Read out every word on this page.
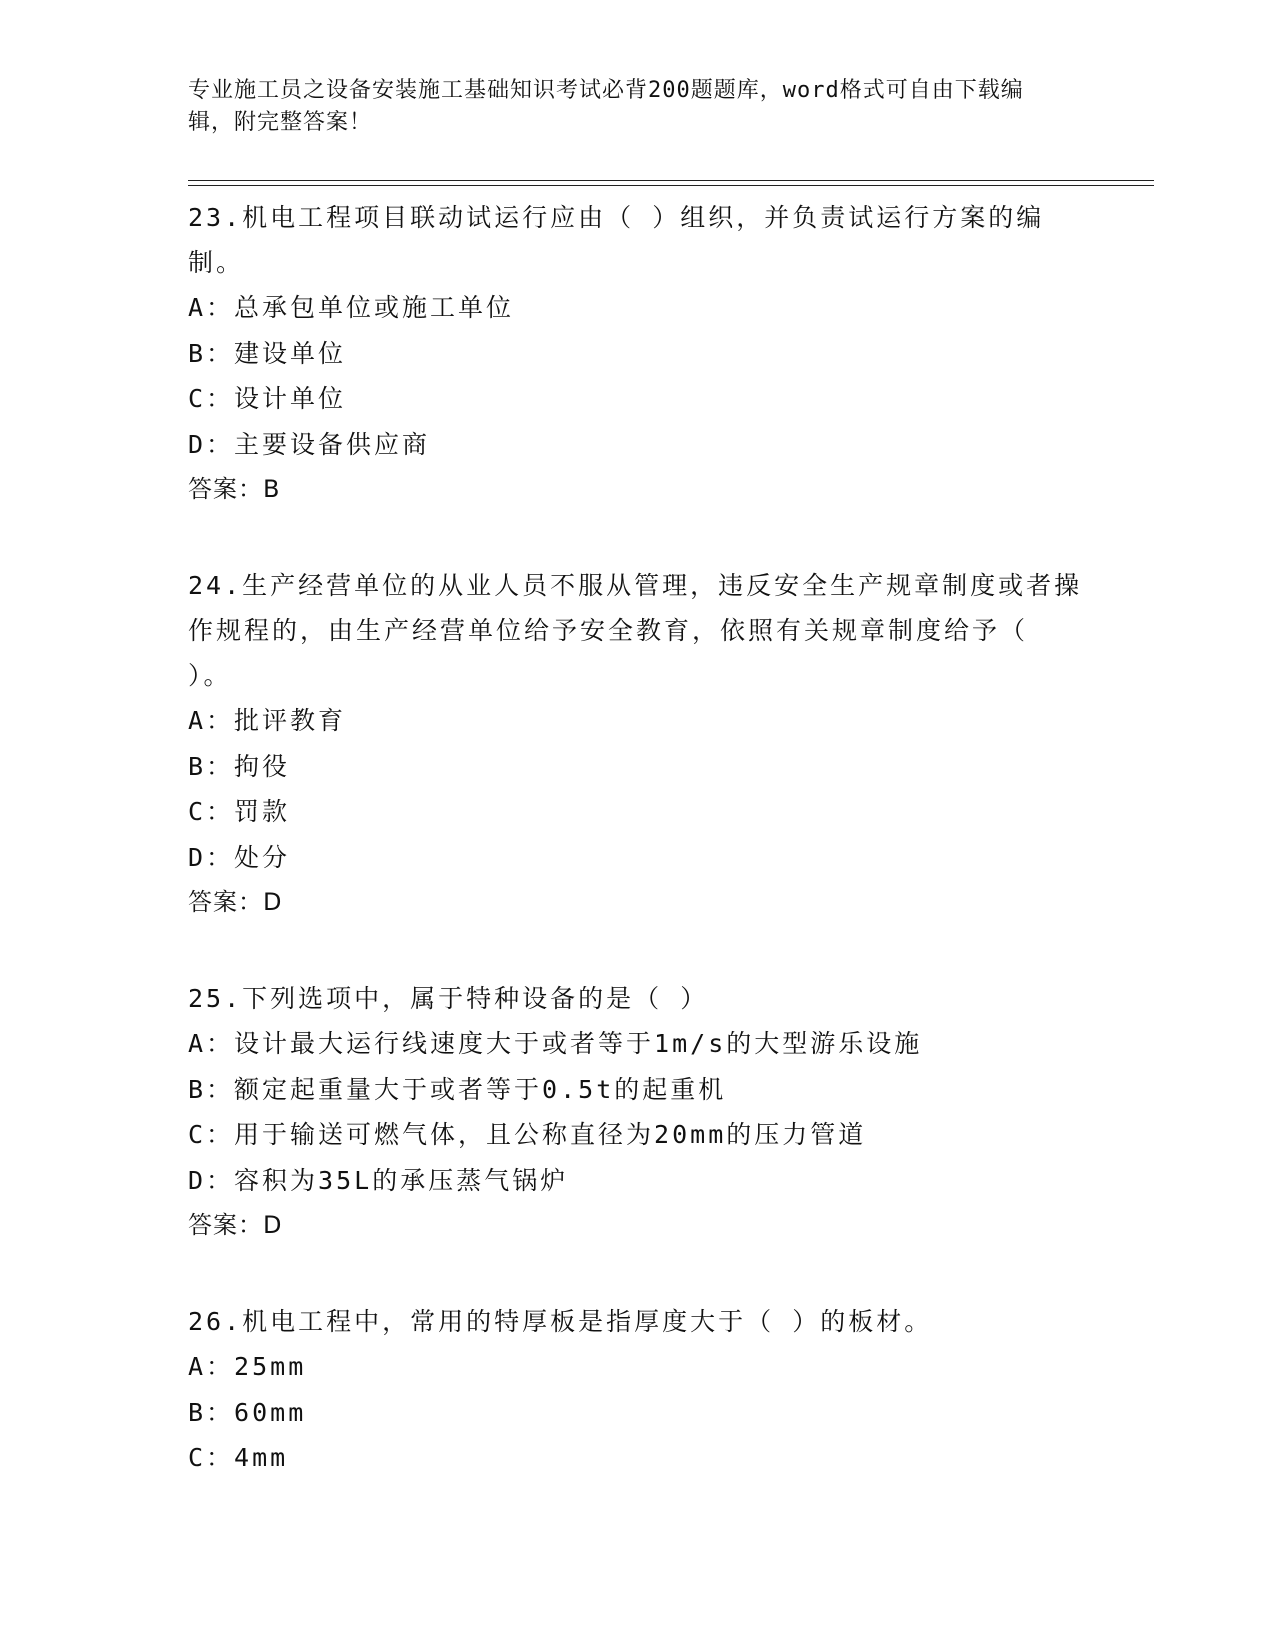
专业施工员之设备安装施工基础知识考试必背200题题库，word格式可自由下载编辑，附完整答案！
23.机电工程项目联动试运行应由（ ）组织，并负责试运行方案的编制。
A：总承包单位或施工单位
B：建设单位
C：设计单位
D：主要设备供应商
答案：B
24.生产经营单位的从业人员不服从管理，违反安全生产规章制度或者操作规程的，由生产经营单位给予安全教育，依照有关规章制度给予（ ）。
A：批评教育
B：拘役
C：罚款
D：处分
答案：D
25.下列选项中，属于特种设备的是（ ）
A：设计最大运行线速度大于或者等于1m/s的大型游乐设施
B：额定起重量大于或者等于0.5t的起重机
C：用于输送可燃气体，且公称直径为20mm的压力管道
D：容积为35L的承压蒸气锅炉
答案：D
26.机电工程中，常用的特厚板是指厚度大于（ ）的板材。
A：25mm
B：60mm
C：4mm
